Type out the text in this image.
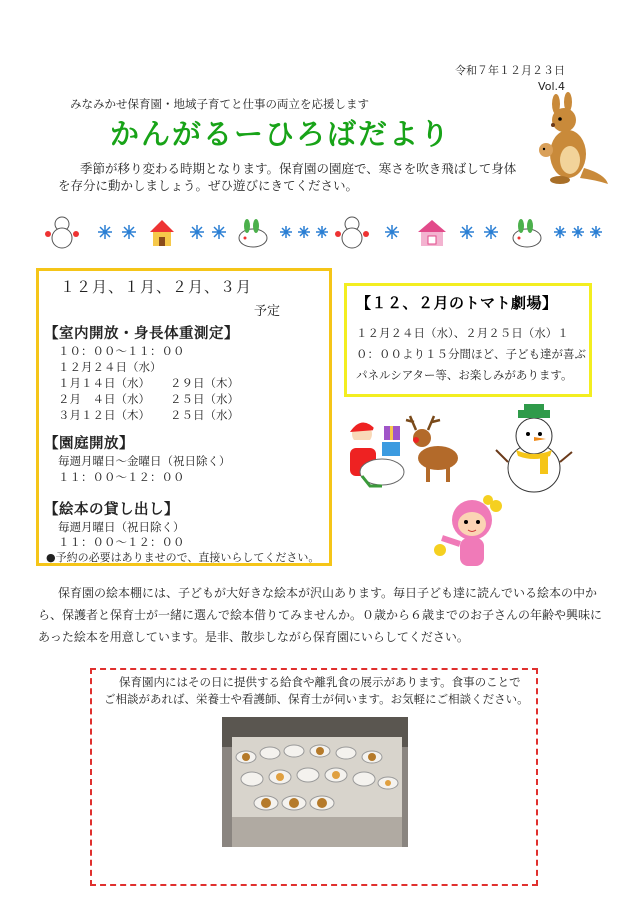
令和７年１２月２３日
Vol.4
みなみかせ保育園・地域子育てと仕事の両立を応援します
かんがるーひろばだより
季節が移り変わる時期となります。保育園の園庭で、寒さを吹き飛ばして身体を存分に動かしましょう。ぜひ遊びにきてください。
１２月、１月、２月、３月
予定
【室内開放・身長体重測定】
１０：００～１１：００
１２月２４日（水）
１月１４日（水） ２９日（木）
２月　４日（水） ２５日（水）
３月１２日（木） ２５日（水）
【園庭開放】
毎週月曜日～金曜日（祝日除く）
１１：００～１２：００
【絵本の貸し出し】
毎週月曜日（祝日除く）
１１：００～１２：００
●予約の必要はありませので、直接いらしてください。
【１２、２月のトマト劇場】
１２月２４日（水）、２月２５日（水）１０：００より１５分間ほど、子ども達が喜ぶパネルシアター等、お楽しみがあります。
保育園の絵本棚には、子どもが大好きな絵本が沢山あります。毎日子ども達に読んでいる絵本の中から、保護者と保育士が一緒に選んで絵本借りてみませんか。０歳から６歳までのお子さんの年齢や興味にあった絵本を用意しています。是非、散歩しながら保育園にいらしてください。
保育園内にはその日に提供する給食や離乳食の展示があります。食事のことでご相談があれば、栄養士や看護師、保育士が伺います。お気軽にご相談ください。
